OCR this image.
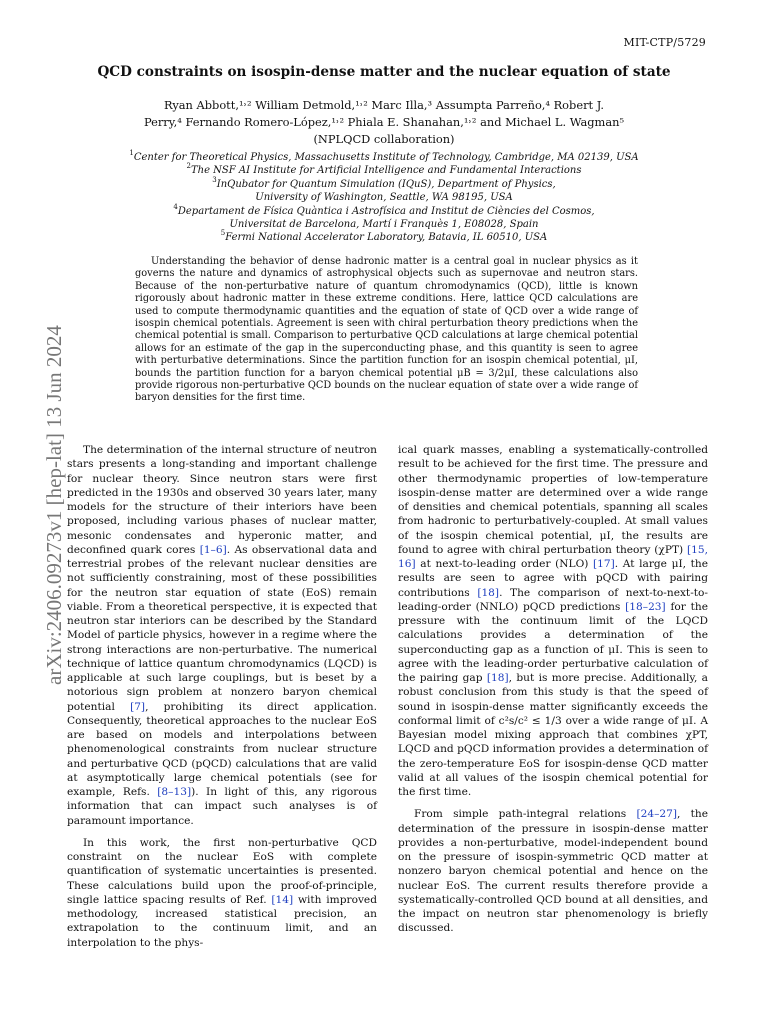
MIT-CTP/5729
arXiv:2406.09273v1 [hep-lat] 13 Jun 2024
QCD constraints on isospin-dense matter and the nuclear equation of state
Ryan Abbott,¹˒² William Detmold,¹˒² Marc Illa,³ Assumpta Parreño,⁴ Robert J.
Perry,⁴ Fernando Romero-López,¹˒² Phiala E. Shanahan,¹˒² and Michael L. Wagman⁵
(NPLQCD collaboration)
$^1$Center for Theoretical Physics, Massachusetts Institute of Technology, Cambridge, MA 02139, USA
$^2$The NSF AI Institute for Artificial Intelligence and Fundamental Interactions
$^3$InQubator for Quantum Simulation (IQuS), Department of Physics,
University of Washington, Seattle, WA 98195, USA
$^4$Departament de Física Quàntica i Astrofísica and Institut de Ciències del Cosmos,
Universitat de Barcelona, Martí i Franquès 1, E08028, Spain
$^5$Fermi National Accelerator Laboratory, Batavia, IL 60510, USA

Understanding the behavior of dense hadronic matter is a central goal in nuclear physics as it governs the nature and dynamics of astrophysical objects such as supernovae and neutron stars. Because of the non-perturbative nature of quantum chromodynamics (QCD), little is known rigorously about hadronic matter in these extreme conditions. Here, lattice QCD calculations are used to compute thermodynamic quantities and the equation of state of QCD over a wide range of isospin chemical potentials. Agreement is seen with chiral perturbation theory predictions when the chemical potential is small. Comparison to perturbative QCD calculations at large chemical potential allows for an estimate of the gap in the superconducting phase, and this quantity is seen to agree with perturbative determinations. Since the partition function for an isospin chemical potential, μI, bounds the partition function for a baryon chemical potential μB = 3/2μI, these calculations also provide rigorous non-perturbative QCD bounds on the nuclear equation of state over a wide range of baryon densities for the first time.

The determination of the internal structure of neutron stars presents a long-standing and important challenge for nuclear theory. Since neutron stars were first predicted in the 1930s and observed 30 years later, many models for the structure of their interiors have been proposed, including various phases of nuclear matter, mesonic condensates and hyperonic matter, and deconfined quark cores [1–6]. As observational data and terrestrial probes of the relevant nuclear densities are not sufficiently constraining, most of these possibilities for the neutron star equation of state (EoS) remain viable. From a theoretical perspective, it is expected that neutron star interiors can be described by the Standard Model of particle physics, however in a regime where the strong interactions are non-perturbative. The numerical technique of lattice quantum chromodynamics (LQCD) is applicable at such large couplings, but is beset by a notorious sign problem at nonzero baryon chemical potential [7], prohibiting its direct application. Consequently, theoretical approaches to the nuclear EoS are based on models and interpolations between phenomenological constraints from nuclear structure and perturbative QCD (pQCD) calculations that are valid at asymptotically large chemical potentials (see for example, Refs. [8–13]). In light of this, any rigorous information that can impact such analyses is of paramount importance.

In this work, the first non-perturbative QCD constraint on the nuclear EoS with complete quantification of systematic uncertainties is presented. These calculations build upon the proof-of-principle, single lattice spacing results of Ref. [14] with improved methodology, increased statistical precision, an extrapolation to the continuum limit, and an interpolation to the phys-

ical quark masses, enabling a systematically-controlled result to be achieved for the first time. The pressure and other thermodynamic properties of low-temperature isospin-dense matter are determined over a wide range of densities and chemical potentials, spanning all scales from hadronic to perturbatively-coupled. At small values of the isospin chemical potential, μI, the results are found to agree with chiral perturbation theory (χPT) [15, 16] at next-to-leading order (NLO) [17]. At large μI, the results are seen to agree with pQCD with pairing contributions [18]. The comparison of next-to-next-to-leading-order (NNLO) pQCD predictions [18–23] for the pressure with the continuum limit of the LQCD calculations provides a determination of the superconducting gap as a function of μI. This is seen to agree with the leading-order perturbative calculation of the pairing gap [18], but is more precise. Additionally, a robust conclusion from this study is that the speed of sound in isospin-dense matter significantly exceeds the conformal limit of c²s/c² ≤ 1/3 over a wide range of μI. A Bayesian model mixing approach that combines χPT, LQCD and pQCD information provides a determination of the zero-temperature EoS for isospin-dense QCD matter valid at all values of the isospin chemical potential for the first time.

From simple path-integral relations [24–27], the determination of the pressure in isospin-dense matter provides a non-perturbative, model-independent bound on the pressure of isospin-symmetric QCD matter at nonzero baryon chemical potential and hence on the nuclear EoS. The current results therefore provide a systematically-controlled QCD bound at all densities, and the impact on neutron star phenomenology is briefly discussed.
